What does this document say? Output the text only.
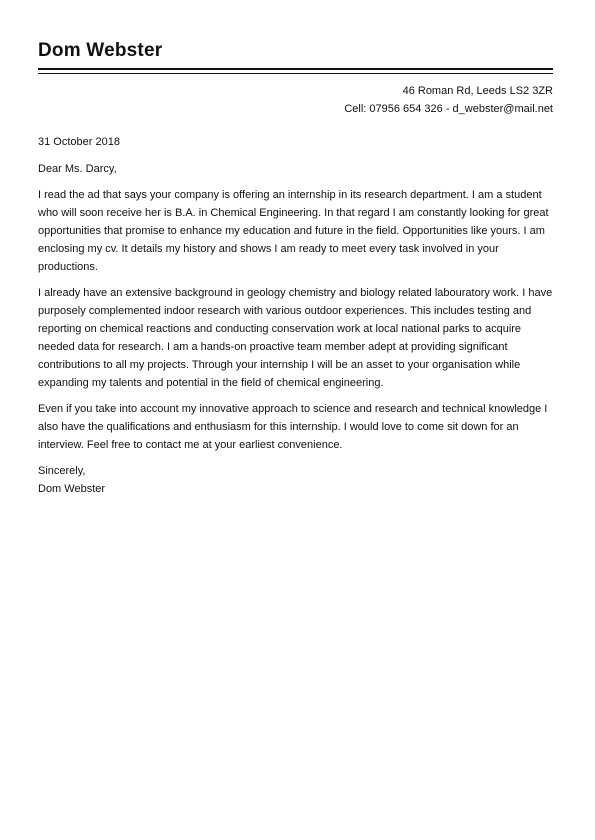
Dom Webster
46 Roman Rd, Leeds LS2 3ZR
Cell: 07956 654 326 - d_webster@mail.net

31 October 2018

Dear Ms. Darcy,

I read the ad that says your company is offering an internship in its research department. I am a student who will soon receive her is B.A. in Chemical Engineering. In that regard I am constantly looking for great opportunities that promise to enhance my education and future in the field. Opportunities like yours. I am enclosing my cv. It details my history and shows I am ready to meet every task involved in your productions.

I already have an extensive background in geology chemistry and biology related labouratory work. I have purposely complemented indoor research with various outdoor experiences. This includes testing and reporting on chemical reactions and conducting conservation work at local national parks to acquire needed data for research. I am a hands-on proactive team member adept at providing significant contributions to all my projects. Through your internship I will be an asset to your organisation while expanding my talents and potential in the field of chemical engineering.

Even if you take into account my innovative approach to science and research and technical knowledge I also have the qualifications and enthusiasm for this internship. I would love to come sit down for an interview. Feel free to contact me at your earliest convenience.

Sincerely,
Dom Webster
